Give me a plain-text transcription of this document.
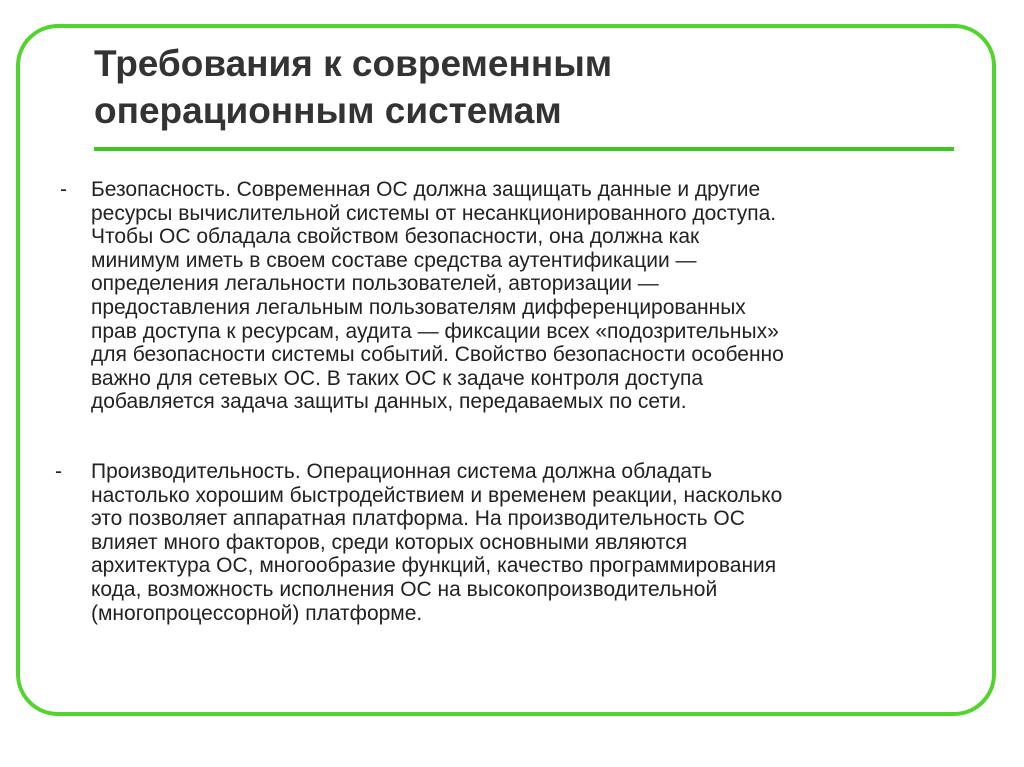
Требования к современным
операционным системам
- Безопасность. Современная ОС должна защищать данные и другие
ресурсы вычислительной системы от несанкционированного доступа.
Чтобы ОС обладала свойством безопасности, она должна как
минимум иметь в своем составе средства аутентификации —
определения легальности пользователей, авторизации —
предоставления легальным пользователям дифференцированных
прав доступа к ресурсам, аудита — фиксации всех «подозрительных»
для безопасности системы событий. Свойство безопасности особенно
важно для сетевых ОС. В таких ОС к задаче контроля доступа
добавляется задача защиты данных, передаваемых по сети.
- Производительность. Операционная система должна обладать
настолько хорошим быстродействием и временем реакции, насколько
это позволяет аппаратная платформа. На производительность ОС
влияет много факторов, среди которых основными являются
архитектура ОС, многообразие функций, качество программирования
кода, возможность исполнения ОС на высокопроизводительной
(многопроцессорной) платформе.
